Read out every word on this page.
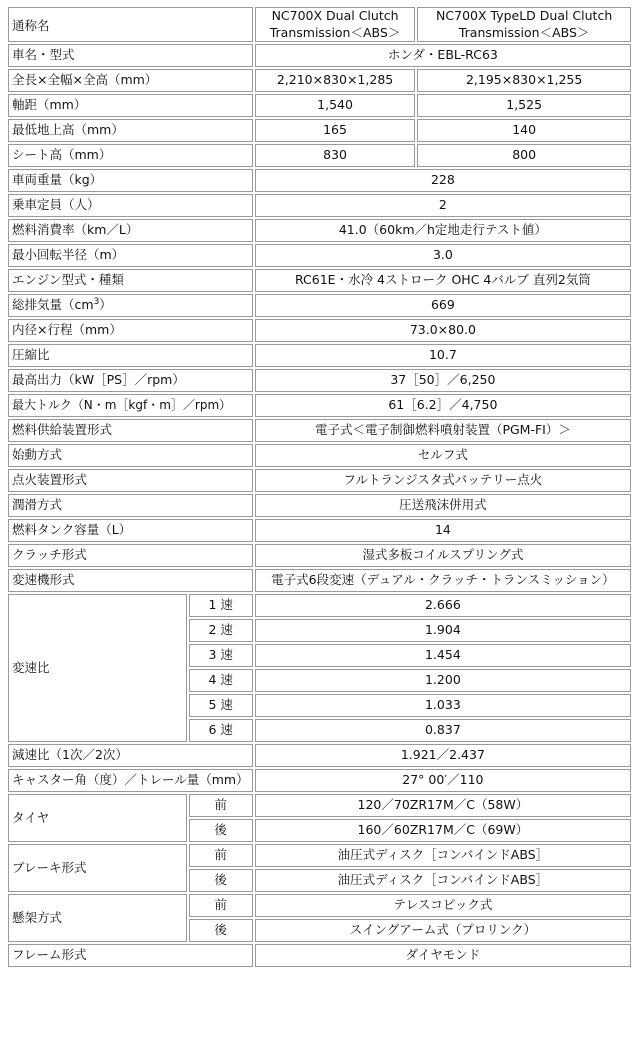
通称名		NC700X Dual Clutch Transmission＜ABS＞	NC700X TypeLD Dual Clutch Transmission＜ABS＞
車名・型式		ホンダ・EBL-RC63	
全長×全幅×全高（mm）		2,210×830×1,285	2,195×830×1,255
軸距（mm）		1,540	1,525
最低地上高（mm）		165	140
シート高（mm）		830	800
車両重量（kg）		228	
乗車定員（人）		2	
燃料消費率（km／L）		41.0（60km／h定地走行テスト値）	
最小回転半径（m）		3.0	
エンジン型式・種類		RC61E・水冷 4ストローク OHC 4バルブ 直列2気筒	
総排気量$(cm^3)$		669	
内径×行程（mm）		73.0×80.0	
圧縮比		10.7	
最高出力（kW［PS］／rpm）		37［50］／6,250	
最大トルク（N・m［kgf・m］／rpm）		61［6.2］／4,750	
燃料供給装置形式		電子式＜電子制御燃料噴射装置（PGM-FI）＞	
始動方式		セルフ式	
点火装置形式		フルトランジスタ式バッテリー点火	
潤滑方式		圧送飛沫併用式	
燃料タンク容量（L）		14	
クラッチ形式		湿式多板コイルスプリング式	
変速機形式		電子式6段変速（デュアル・クラッチ・トランスミッション）	
変速比	1 速	2.666	
	2 速	1.904	
	3 速	1.454	
	4 速	1.200	
	5 速	1.033	
	6 速	0.837	
減速比（1次／2次）		1.921／2.437	
キャスター角（度）／トレール量（mm）		27° 00′／110	
タイヤ	前	120／70ZR17M／C（58W）	
	後	160／60ZR17M／C（69W）	
ブレーキ形式	前	油圧式ディスク［コンバインドABS］	
	後	油圧式ディスク［コンバインドABS］	
懸架方式	前	テレスコピック式	
	後	スイングアーム式（プロリンク）	
フレーム形式		ダイヤモンド	
